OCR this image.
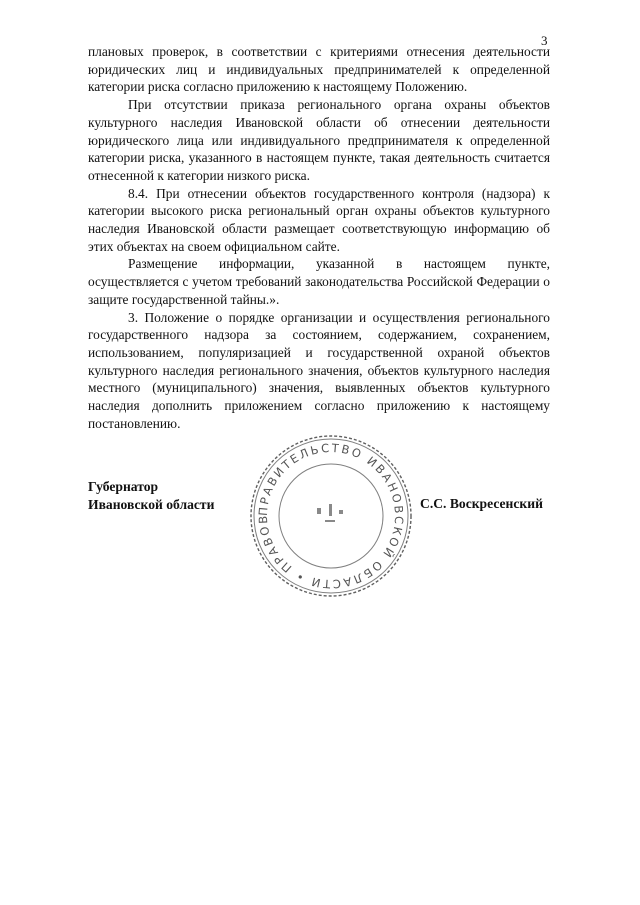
3

плановых проверок, в соответствии с критериями отнесения деятельности юридических лиц и индивидуальных предпринимателей к определенной категории риска согласно приложению к настоящему Положению.

При отсутствии приказа регионального органа охраны объектов культурного наследия Ивановской области об отнесении деятельности юридического лица или индивидуального предпринимателя к определенной категории риска, указанного в настоящем пункте, такая деятельность считается отнесенной к категории низкого риска.

8.4. При отнесении объектов государственного контроля (надзора) к категории высокого риска региональный орган охраны объектов культурного наследия Ивановской области размещает соответствующую информацию об этих объектах на своем официальном сайте.

Размещение информации, указанной в настоящем пункте, осуществляется с учетом требований законодательства Российской Федерации о защите государственной тайны.».

3. Положение о порядке организации и осуществления регионального государственного надзора за состоянием, содержанием, сохранением, использованием, популяризацией и государственной охраной объектов культурного наследия регионального значения, объектов культурного наследия местного (муниципального) значения, выявленных объектов культурного наследия дополнить приложением согласно приложению к настоящему постановлению.

Губернатор
Ивановской области	С.С. Воскресенский
ПРАВИТЕЛЬСТВО ИВАНОВСКОЙ ОБЛАСТИ • ПРАВОВ
